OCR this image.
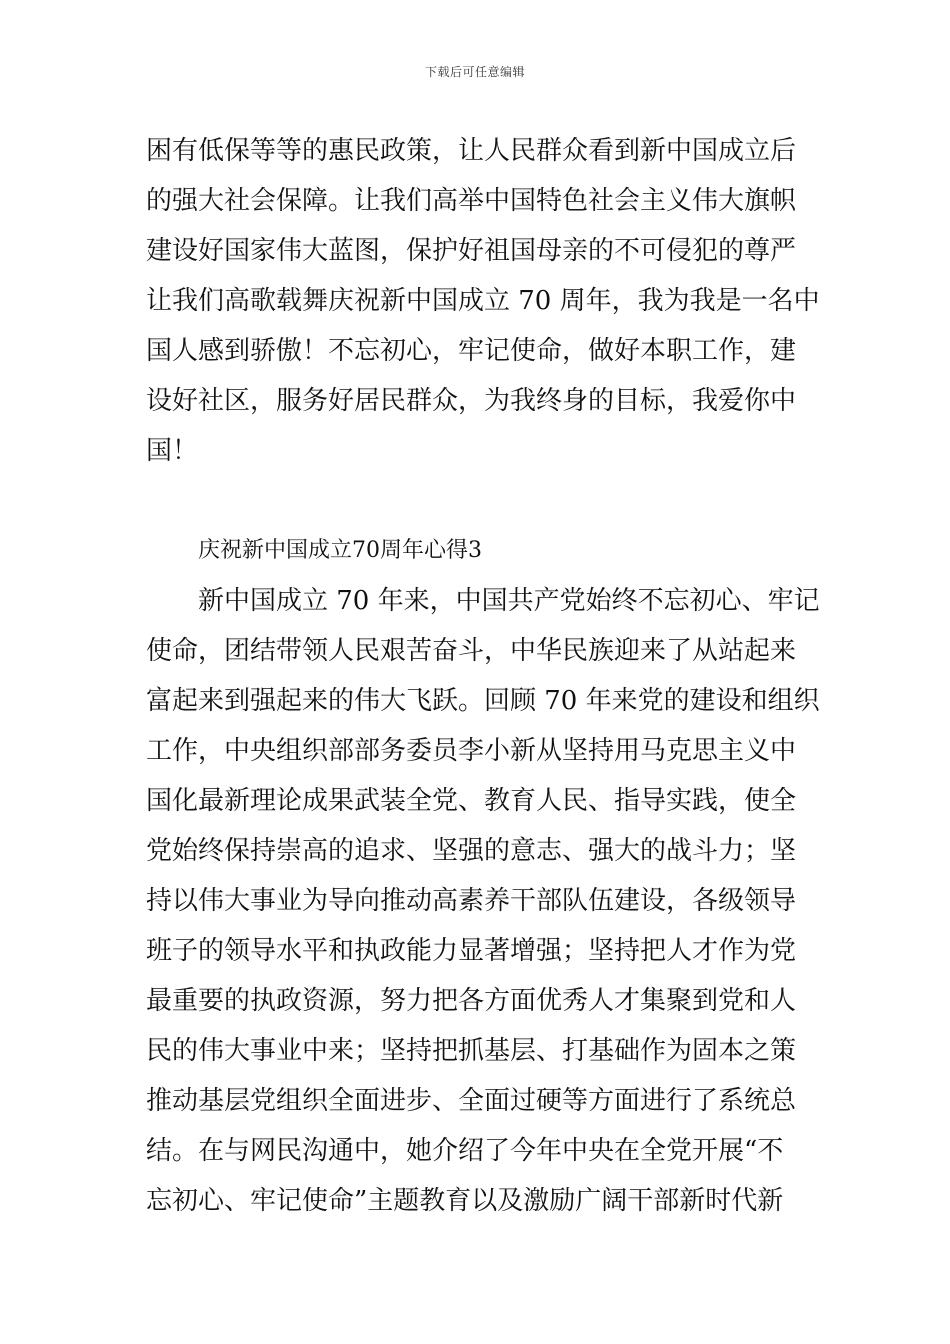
下载后可任意编辑
困有低保等等的惠民政策，让人民群众看到新中国成立后
的强大社会保障。让我们高举中国特色社会主义伟大旗帜
建设好国家伟大蓝图，保护好祖国母亲的不可侵犯的尊严
让我们高歌载舞庆祝新中国成立 70 周年，我为我是一名中
国人感到骄傲！不忘初心，牢记使命，做好本职工作，建
设好社区，服务好居民群众，为我终身的目标，我爱你中
国！
庆祝新中国成立70周年心得3
新中国成立 70 年来，中国共产党始终不忘初心、牢记
使命，团结带领人民艰苦奋斗，中华民族迎来了从站起来
富起来到强起来的伟大飞跃。回顾 70 年来党的建设和组织
工作，中央组织部部务委员李小新从坚持用马克思主义中
国化最新理论成果武装全党、教育人民、指导实践，使全
党始终保持崇高的追求、坚强的意志、强大的战斗力；坚
持以伟大事业为导向推动高素养干部队伍建设，各级领导
班子的领导水平和执政能力显著增强；坚持把人才作为党
最重要的执政资源，努力把各方面优秀人才集聚到党和人
民的伟大事业中来；坚持把抓基层、打基础作为固本之策
推动基层党组织全面进步、全面过硬等方面进行了系统总
结。在与网民沟通中，她介绍了今年中央在全党开展“不
忘初心、牢记使命”主题教育以及激励广阔干部新时代新
